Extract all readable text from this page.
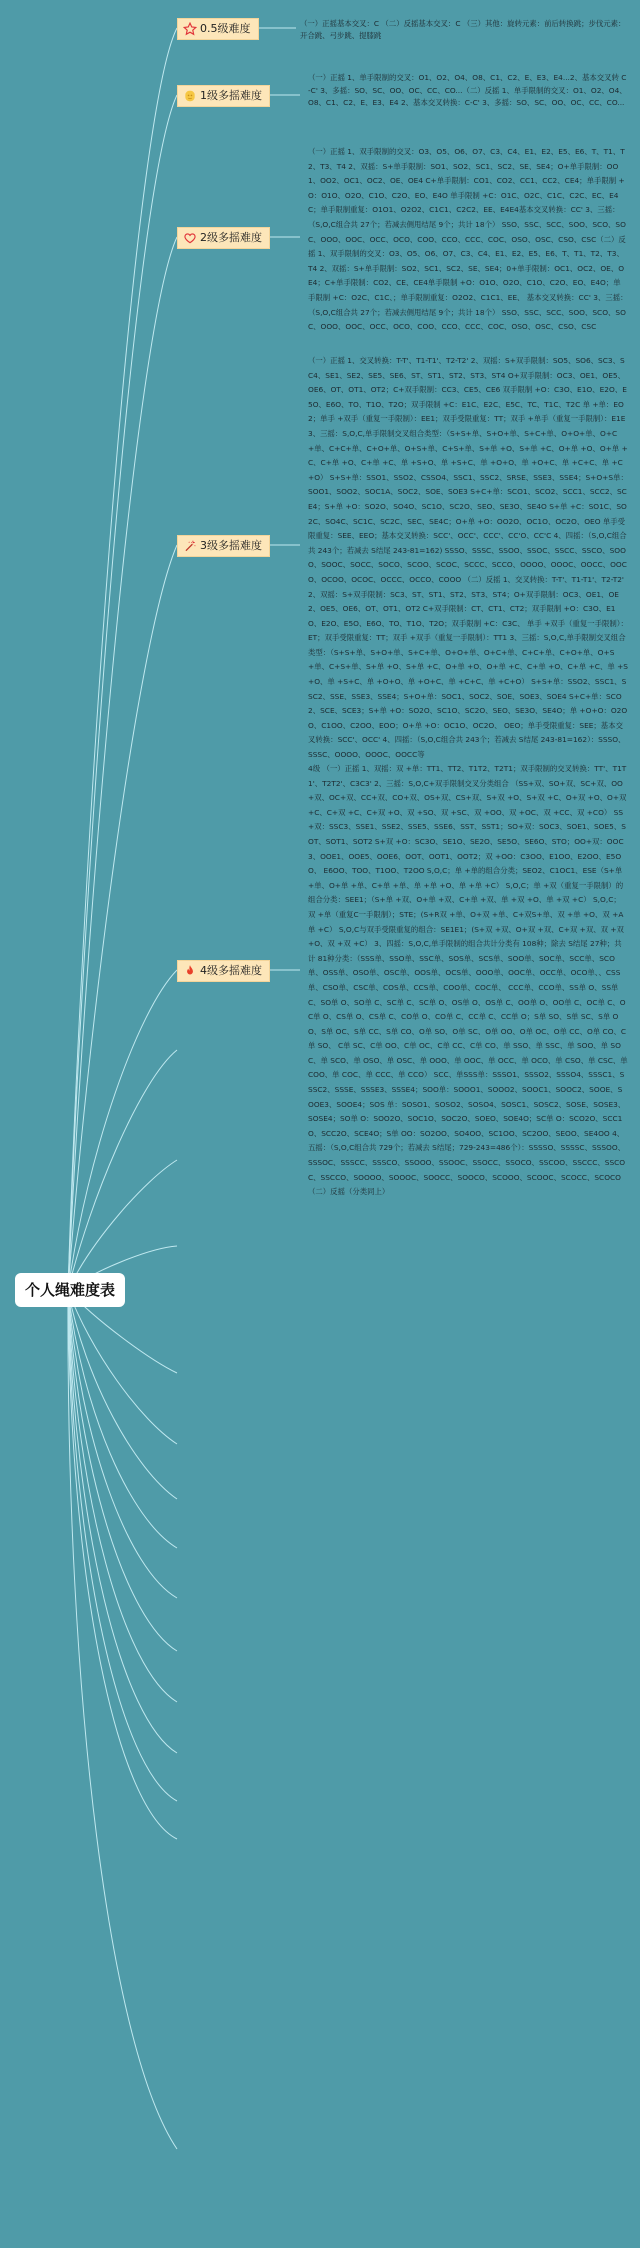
个人绳难度表
0.5级难度	（一）正摇基本交叉：C （二）反摇基本交叉：C （三）其他：旋转元素：前后转换跳；步伐元素：开合跳、弓步跳、提膝跳
1级多摇难度
（一）正摇 1、单手限制的交叉：O1、O2、O4、O8、C1、C2、E、E3、E4...2、基本交叉转 C-C' 3、多摇：SO、SC、OO、OC、CC、CO...（二）反摇 1、单手限制的交叉：O1、O2、O4、O8、C1、C2、E、E3、E4 2、基本交叉转换：C-C' 3、多摇：SO、SC、OO、OC、CC、CO...
2级多摇难度
（一）正摇 1、双手限制的交叉：O3、O5、O6、O7、C3、C4、E1、E2、E5、E6、T、T1、T2、T3、T4 2、双摇：S+单手限制：SO1、SO2、SC1、SC2、SE、SE4；O+单手限制：OO1、OO2、OC1、OC2、OE、OE4 C+单手限制：CO1、CO2、CC1、CC2、CE4；单手限制 +O：O1O、O2O、C1O、C2O、EO、E4O 单手限制 +C：O1C、O2C、C1C、C2C、EC、E4C；单手限制重复：O1O1、O2O2、C1C1、C2C2、EE、E4E4基本交叉转换：CC' 3、三摇：（S,O,C组合共 27个；若减去侧甩结尾 9个；共计 18个） SSO、SSC、SCC、SOO、SCO、SOC、OOO、OOC、OCC、OCO、COO、CCO、CCC、COC、OSO、OSC、CSO、CSC（二）反摇 1、双手限制的交叉：O3、O5、O6、O7、C3、C4、E1、E2、E5、E6、T、T1、T2、T3、T4 2、双摇：S+单手限制：SO2、SC1、SC2、SE、SE4；0+单手限制：OC1、OC2、OE、OE4；C+单手限制：CO2、CE、CE4单手限制 +O：O1O、O2O、C1O、C2O、EO、E4O；单手限制 +C：O2C、C1C、；单手限制重复：O2O2、C1C1、EE、 基本交叉转换：CC' 3、三摇：（S,O,C组合共 27个；若减去侧甩结尾 9个；共计 18个） SSO、SSC、SCC、SOO、SCO、SOC、OOO、OOC、OCC、OCO、COO、CCO、CCC、COC、OSO、OSC、CSO、CSC
3级多摇难度
（一）正摇 1、交叉转换：T-T'、T1-T1'、T2-T2' 2、双摇：S+双手限制：SO5、SO6、SC3、SC4、SE1、SE2、SE5、SE6、ST、ST1、ST2、ST3、ST4 O+双手限制：OC3、OE1、OE5、OE6、OT、OT1、OT2；C+双手限制：CC3、CE5、CE6 双手限制 +O：C3O、E1O、E2O、E5O、E6O、TO、T1O、T2O；双手限制 +C：E1C、E2C、E5C、TC、T1C、T2C 单 +单：EO2；单手 +双手（重复一手限制）：EE1；双手受限重复：TT；双手 +单手（重复一手限制）：E1E 3、三摇：S,O,C,单手限制交叉组合类型：（S+S+单、S+O+单、S+C+单、O+O+单、O+C+单、C+C+单、C+O+单、O+S+单、C+S+单、S+单 +O、S+单 +C、O+单 +O、O+单 +C、C+单 +O、C+单 +C、单 +S+O、单 +S+C、单 +O+O、单 +O+C、单 +C+C、单 +C+O） S+S+单：SSO1、SSO2、CSSO4、SSC1、SSC2、SRSE、SSE3、SSE4；S+O+S单：SOO1、SOO2、SOC1A、SOC2、SOE、SOE3 S+C+单：SCO1、SCO2、SCC1、SCC2、SCE4；S+单 +O：SO2O、SO4O、SC1O、SC2O、SEO、SE3O、SE4O S+单 +C：SO1C、SO2C、SO4C、SC1C、SC2C、SEC、SE4C；O+单 +O：OO2O、OC1O、OC2O、OEO 单手受限重复：SEE、EEO；基本交叉转换：SCC'、OCC'、CCC'、CC'O、CC'C 4、四摇：（S,O,C组合共 243个；若减去 S结尾 243-81=162) SSSO、SSSC、SSOO、SSOC、SSCC、SSCO、SOOO、SOOC、SOCC、SOCO、SCOO、SCOC、SCCC、SCCO、OOOO、OOOC、OOCC、OOCO、OCOO、OCOC、OCCC、OCCO、COOO （二）反摇 1、交叉转换：T-T'、T1-T1'、T2-T2' 2、双摇：S+双手限制：SC3、ST、ST1、ST2、ST3、ST4；O+双手限制：OC3、OE1、OE2、OE5、OE6、OT、OT1、OT2 C+双手限制：CT、CT1、CT2；双手限制 +O：C3O、E1O、E2O、E5O、E6O、TO、T1O、T2O；双手限制 +C：C3C、 单手 +双手（重复一手限制）：ET；双手受限重复：TT；双手 +双手（重复一手限制）：TT1 3、三摇：S,O,C,单手限制交叉组合类型：（S+S+单、S+O+单、S+C+单、O+O+单、O+C+单、C+C+单、C+O+单、O+S+单、C+S+单、S+单 +O、S+单 +C、O+单 +O、O+单 +C、C+单 +O、C+单 +C、单 +S+O、单 +S+C、单 +O+O、单 +O+C、单 +C+C、单 +C+O） S+S+单：SSO2、SSC1、SSC2、SSE、SSE3、SSE4；S+O+单：SOC1、SOC2、SOE、SOE3、SOE4 S+C+单：SCO2、SCE、SCE3；S+单 +O：SO2O、SC1O、SC2O、SEO、SE3O、SE4O；单 +O+O：O2OO、C1OO、C2OO、EOO；O+单 +O：OC1O、OC2O、 OEO；单手受限重复：SEE；基本交叉转换：SCC'、OCC' 4、四摇：（S,O,C组合共 243个；若减去 S结尾 243-81=162）：SSSO、SSSC、OOOO、OOOC、OOCC等
4级多摇难度
4级 （一）正摇 1、双摇：双 +单：TT1、TT2、T1T2、T2T1；双手限制的交叉转换：TT'、T1T1'、T2T2'、C3C3' 2、三摇：S,O,C+双手限制交叉分类组合 （SS+双、SO+双、SC+双、OO+双、OC+双、CC+双、CO+双、OS+双、CS+双、S+双 +O、S+双 +C、O+双 +O、O+双 +C、C+双 +C、C+双 +O、双 +SO、双 +SC、双 +OO、双 +OC、双 +CC、双 +CO） SS+双：SSC3、SSE1、SSE2、SSE5、SSE6、SST、SST1；SO+双：SOC3、SOE1、SOE5、SOT、SOT1、SOT2 S+双 +O：SC3O、SE1O、SE2O、SE5O、SE6O、STO；OO+双：OOC3、OOE1、OOE5、OOE6、OOT、OOT1、OOT2；双 +OO：C3OO、E1OO、E2OO、E5OO、 E6OO、TOO、T1OO、T2OO S,O,C；单 +单的组合分类；SEO2、C1OC1、ESE（S+单 +单、O+单 +单、C+单 +单、单 +单 +O、单 +单 +C） S,O,C；单 +双（重复一手限制）的组合分类：SEE1；（S+单 +双、O+单 +双、C+单 +双、单 +双 +O、单 +双 +C） S,O,C；双 +单（重复C一手限制）；STE；(S+R双 +单、O+双 +单、C+双S+单、双 +单 +O、双 +A单 +C） S,O,C与双手受限重复的组合：SE1E1；(S+双 +双、O+双 +双、C+双 +双、双 +双 +O、双 +双 +C） 3、四摇：S,O,C,单手限制的组合共计分类有 108种；除去 S结尾 27种；共计 81种分类：（SSS单、SSO单、SSC单、SOS单、SCS单、SOO单、SOC单、SCC单、SCO单、OSS单、OSO单、OSC单、OOS单、OCS单、OOO单、OOC单、OCC单、OCO单、、CSS单、CSO单、CSC单、COS单、CCS单、COO单、COC单、 CCC单、CCO单、SS单 O、SS单 C、SO单 O、SO单 C、SC单 C、SC单 O、OS单 O、OS单 C、OO单 O、OO单 C、OC单 C、OC单 O、CS单 O、CS单 C、CO单 O、CO单 C、CC单 C、CC单 O；S单 SO、S单 SC、S单 OO、S单 OC、S单 CC、S单 CO、O单 SO、O单 SC、O单 OO、O单 OC、O单 CC、O单 CO、C单 SO、 C单 SC、C单 OO、C单 OC、C单 CC、C单 CO、单 SSO、单 SSC、单 SOO、单 SOC、单 SCO、单 OSO、单 OSC、单 OOO、单 OOC、单 OCC、单 OCO、单 CSO、单 CSC、单 COO、单 COC、单 CCC、单 CCO） SCC、单SSS单：SSSO1、SSSO2、SSSO4、SSSC1、SSSC2、SSSE、SSSE3、SSSE4；SOO单：SOOO1、SOOO2、SOOC1、SOOC2、SOOE、SOOE3、SOOE4；SOS 单：SOSO1、SOSO2、SOSO4、SOSC1、SOSC2、SOSE、SOSE3、SOSE4；SO单 O：SOO2O、SOC1O、SOC2O、SOEO、SOE4O；SC单 O：SCO2O、SCC1O、SCC2O、SCE4O；S单 OO：SO2OO、SO4OO、SC1OO、SC2OO、SEOO、SE4OO 4、五摇：（S,O,C组合共 729个；若减去 S结尾；729-243=486个）：SSSSO、SSSSC、SSSOO、SSSOC、SSSCC、SSSCO、SSOOO、SSOOC、SSOCC、SSOCO、SSCOO、SSCCC、SSCOC、SSCCO、SOOOO、SOOOC、SOOCC、SOOCO、SCOOO、SCOOC、SCOCC、SCOCO （二）反摇（分类同上）
